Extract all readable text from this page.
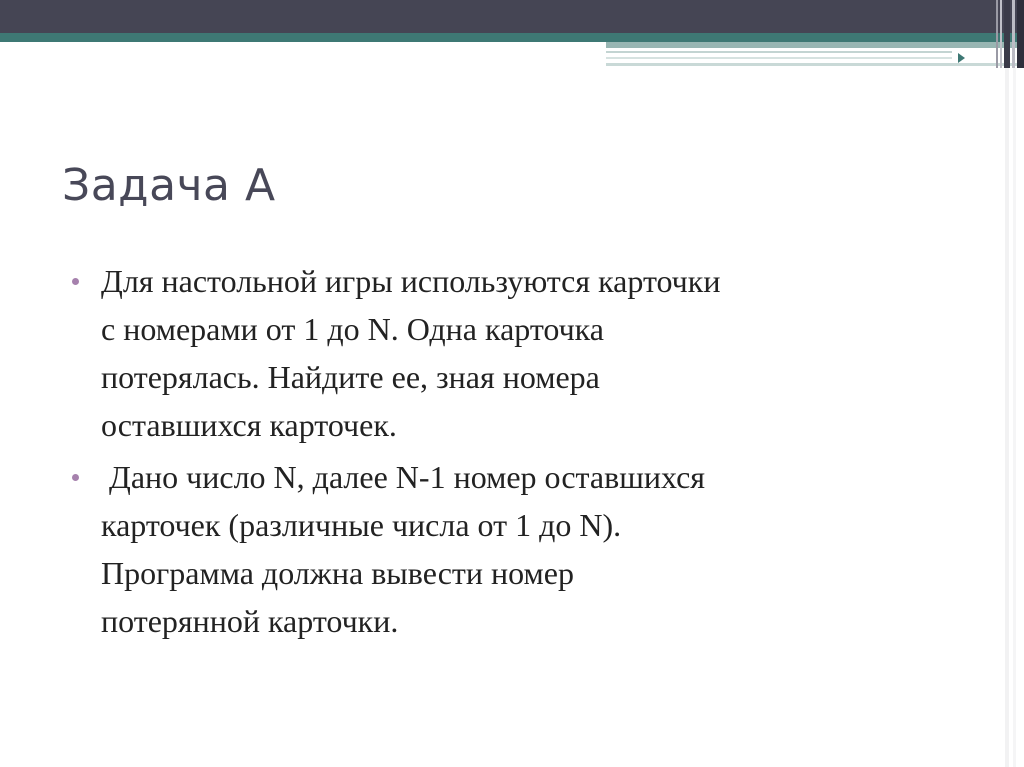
Задача А
Для настольной игры используются карточки
с номерами от 1 до N. Одна карточка
потерялась. Найдите ее, зная номера
оставшихся карточек.
Дано число N, далее N-1 номер оставшихся
карточек (различные числа от 1 до N).
Программа должна вывести номер
потерянной карточки.
